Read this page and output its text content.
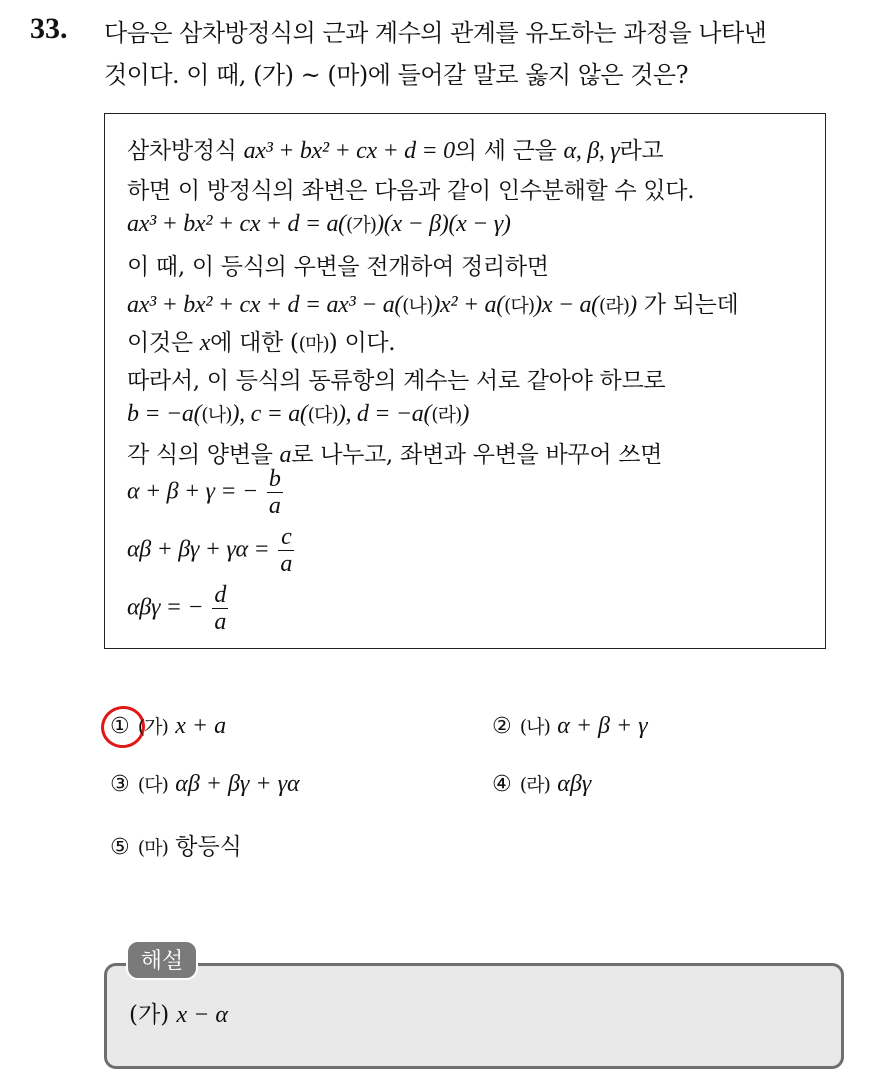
33. 다음은 삼차방정식의 근과 계수의 관계를 유도하는 과정을 나타낸
것이다. 이 때, (가) ~ (마)에 들어갈 말로 옳지 않은 것은?
삼차방정식 ax³ + bx² + cx + d = 0의 세 근을 α, β, γ라고
하면 이 방정식의 좌변은 다음과 같이 인수분해할 수 있다.
ax³ + bx² + cx + d = a((가))(x − β)(x − γ)
이 때, 이 등식의 우변을 전개하여 정리하면
ax³ + bx² + cx + d = ax³ − a((나))x² + a((다))x − a((라)) 가 되는데
이것은 x에 대한 ((마)) 이다.
따라서, 이 등식의 동류항의 계수는 서로 같아야 하므로
b = −a((나)), c = a((다)), d = −a((라))
각 식의 양변을 a로 나누고, 좌변과 우변을 바꾸어 쓰면
α + β + γ = − $\frac{b}{a}$
$\alpha\beta + \beta\gamma + \gamma\alpha = \frac{c}{a}$
αβγ = − $\frac{d}{a}$
① (가) x + a	② (나) α + β + γ
③ (다) αβ + βγ + γα	④ (라) αβγ
⑤ (마) 항등식
(가) x − α
해설
